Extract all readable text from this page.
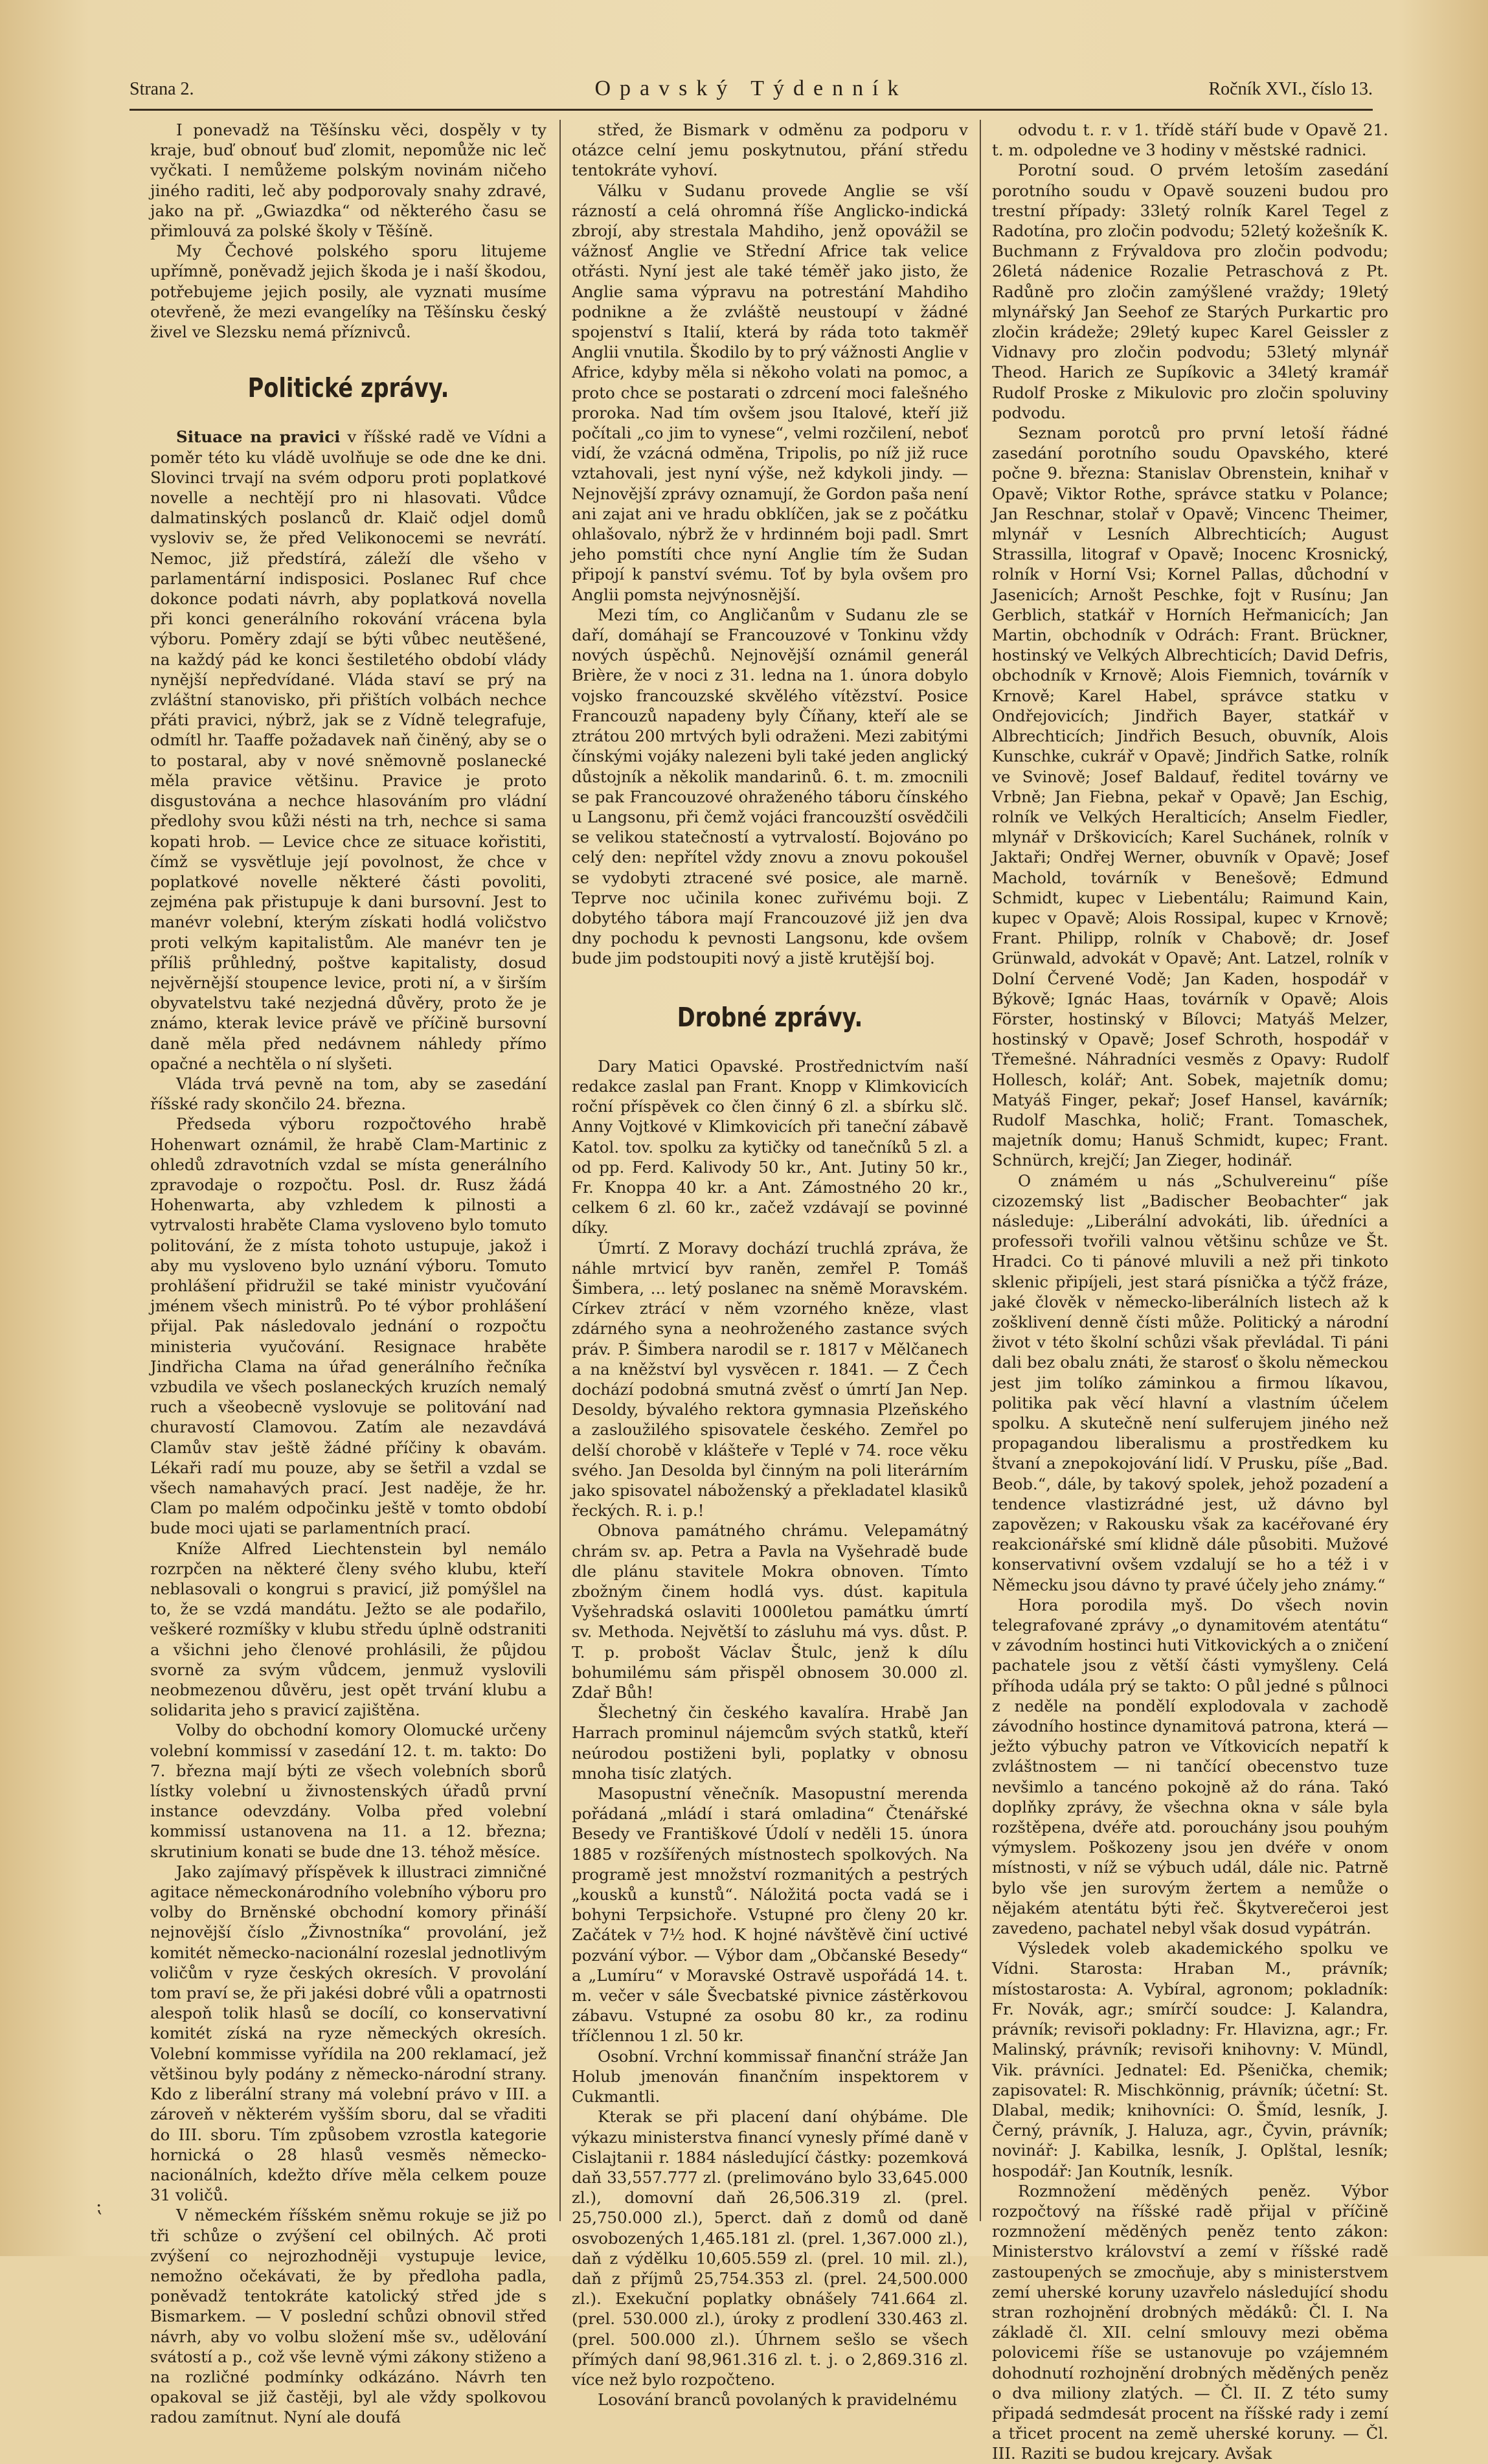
Strana 2.	Opavský Týdenník	Ročník XVI., číslo 13.

I ponevadž na Těšínsku věci, dospěly v ty kraje, buď obnouť buď zlomit, nepomůže nic leč vyčkati. I nemůžeme polským novinám ničeho jiného raditi, leč aby podporovaly snahy zdravé, jako na př. „Gwiazdka“ od některého času se přimlouvá za polské školy v Těšíně.

My Čechové polského sporu litujeme upřímně, poněvadž jejich škoda je i naší škodou, potřebujeme jejich posily, ale vyznati musíme otevřeně, že mezi evangelíky na Těšínsku český živel ve Slezsku nemá příznivců.

Politické zprávy.

Situace na pravici v říšské radě ve Vídni a poměr této ku vládě uvolňuje se ode dne ke dni. Slovinci trvají na svém odporu proti poplatkové novelle a nechtějí pro ni hlasovati. Vůdce dalmatinských poslanců dr. Klaič odjel domů vysloviv se, že před Velikonocemi se nevrátí. Nemoc, již předstírá, záleží dle všeho v parlamentární indisposici. Poslanec Ruf chce dokonce podati návrh, aby poplatková novella při konci generálního rokování vrácena byla výboru. Poměry zdají se býti vůbec neutěšené, na každý pád ke konci šestiletého období vlády nynější nepředvídané. Vláda staví se prý na zvláštní stanovisko, při přištích volbách nechce přáti pravici, nýbrž, jak se z Vídně telegrafuje, odmítl hr. Taaffe požadavek naň činěný, aby se o to postaral, aby v nové sněmovně poslanecké měla pravice většinu. Pravice je proto disgustována a nechce hlasováním pro vládní předlohy svou kůži nésti na trh, nechce si sama kopati hrob. — Levice chce ze situace kořistiti, čímž se vysvětluje její povolnost, že chce v poplatkové novelle některé části povoliti, zejména pak přistupuje k dani bursovní. Jest to manévr volební, kterým získati hodlá voličstvo proti velkým kapitalistům. Ale manévr ten je příliš průhledný, poštve kapitalisty, dosud nejvěrnější stoupence levice, proti ní, a v širším obyvatelstvu také nezjedná důvěry, proto že je známo, kterak levice právě ve příčině bursovní daně měla před nedávnem náhledy přímo opačné a nechtěla o ní slyšeti.

Vláda trvá pevně na tom, aby se zasedání říšské rady skončilo 24. března.

Předseda výboru rozpočtového hrabě Hohenwart oznámil, že hrabě Clam-Martinic z ohledů zdravotních vzdal se místa generálního zpravodaje o rozpočtu. Posl. dr. Rusz žádá Hohenwarta, aby vzhledem k pilnosti a vytrvalosti hraběte Clama vysloveno bylo tomuto politování, že z místa tohoto ustupuje, jakož i aby mu vysloveno bylo uznání výboru. Tomuto prohlášení přidružil se také ministr vyučování jménem všech ministrů. Po té výbor prohlášení přijal. Pak následovalo jednání o rozpočtu ministeria vyučování. Resignace hraběte Jindřicha Clama na úřad generálního řečníka vzbudila ve všech poslaneckých kruzích nemalý ruch a všeobecně vyslovuje se politování nad churavostí Clamovou. Zatím ale nezavdává Clamův stav ještě žádné příčiny k obavám. Lékaři radí mu pouze, aby se šetřil a vzdal se všech namahavých prací. Jest naděje, že hr. Clam po malém odpočinku ještě v tomto období bude moci ujati se parlamentních prací.

Kníže Alfred Liechtenstein byl nemálo rozrpčen na některé členy svého klubu, kteří neblasovali o kongrui s pravicí, již pomýšlel na to, že se vzdá mandátu. Ježto se ale podařilo, veškeré rozmíšky v klubu středu úplně odstraniti a všichni jeho členové prohlásili, že půjdou svorně za svým vůdcem, jenmuž vyslovili neobmezenou důvěru, jest opět trvání klubu a solidarita jeho s pravicí zajištěna.

Volby do obchodní komory Olomucké určeny volební kommissí v zasedání 12. t. m. takto: Do 7. března mají býti ze všech volebních sborů lístky volební u živnostenských úřadů první instance odevzdány. Volba před volební kommissí ustanovena na 11. a 12. března; skrutinium konati se bude dne 13. téhož měsíce.

Jako zajímavý příspěvek k illustraci zimničné agitace německonárodního volebního výboru pro volby do Brněnské obchodní komory přináší nejnovější číslo „Živnostníka“ provolání, jež komitét německo-nacionální rozeslal jednotlivým voličům v ryze českých okresích. V provolání tom praví se, že při jakési dobré vůli a opatrnosti alespoň tolik hlasů se docílí, co konservativní komitét získá na ryze německých okresích. Volební kommisse vyřídila na 200 reklamací, jež většinou byly podány z německo-národní strany. Kdo z liberální strany má volební právo v III. a zároveň v některém vyšším sboru, dal se vřaditi do III. sboru. Tím způsobem vzrostla kategorie hornická o 28 hlasů vesměs německo-nacionálních, kdežto dříve měla celkem pouze 31 voličů.

V německém říšském sněmu rokuje se již po tři schůze o zvýšení cel obilných. Ač proti zvýšení co nejrozhodněji vystupuje levice, nemožno očekávati, že by předloha padla, poněvadž tentokráte katolický střed jde s Bismarkem. — V poslední schůzi obnovil střed návrh, aby vo volbu složení mše sv., udělování svátostí a p., což vše levně vými zákony stiženo a na rozličné podmínky odkázáno. Návrh ten opakoval se již častěji, byl ale vždy spolkovou radou zamítnut. Nyní ale doufá

střed, že Bismark v odměnu za podporu v otázce celní jemu poskytnutou, přání středu tentokráte vyhoví.

Válku v Sudanu provede Anglie se vší rázností a celá ohromná říše Anglicko-indická zbrojí, aby strestala Mahdiho, jenž opovážil se vážnosť Anglie ve Střední Africe tak velice otřásti. Nyní jest ale také téměř jako jisto, že Anglie sama výpravu na potrestání Mahdiho podnikne a že zvláště neustoupí v žádné spojenství s Italií, která by ráda toto takměř Anglii vnutila. Škodilo by to prý vážnosti Anglie v Africe, kdyby měla si někoho volati na pomoc, a proto chce se postarati o zdrcení moci falešného proroka. Nad tím ovšem jsou Italové, kteří již počítali „co jim to vynese“, velmi rozčilení, neboť vidí, že vzácná odměna, Tripolis, po níž již ruce vztahovali, jest nyní výše, než kdykoli jindy. — Nejnovější zprávy oznamují, že Gordon paša není ani zajat ani ve hradu obklíčen, jak se z počátku ohlašovalo, nýbrž že v hrdinném boji padl. Smrt jeho pomstíti chce nyní Anglie tím že Sudan připojí k panství svému. Toť by byla ovšem pro Anglii pomsta nejvýnosnější.

Mezi tím, co Angličanům v Sudanu zle se daří, domáhají se Francouzové v Tonkinu vždy nových úspěchů. Nejnovější oznámil generál Brière, že v noci z 31. ledna na 1. února dobylo vojsko francouzské skvělého vítězství. Posice Francouzů napadeny byly Číňany, kteří ale se ztrátou 200 mrtvých byli odraženi. Mezi zabitými čínskými vojáky nalezeni byli také jeden anglický důstojník a několik mandarinů. 6. t. m. zmocnili se pak Francouzové ohraženého táboru čínského u Langsonu, při čemž vojáci francouzští osvědčili se velikou statečností a vytrvalostí. Bojováno po celý den: nepřítel vždy znovu a znovu pokoušel se vydobyti ztracené své posice, ale marně. Teprve noc učinila konec zuřivému boji. Z dobytého tábora mají Francouzové již jen dva dny pochodu k pevnosti Langsonu, kde ovšem bude jim podstoupiti nový a jistě krutější boj.

Drobné zprávy.

Dary Matici Opavské. Prostřednictvím naší redakce zaslal pan Frant. Knopp v Klimkovicích roční příspěvek co člen činný 6 zl. a sbírku slč. Anny Vojtkové v Klimkovicích při taneční zábavě Katol. tov. spolku za kytičky od tanečníků 5 zl. a od pp. Ferd. Kalivody 50 kr., Ant. Jutiny 50 kr., Fr. Knoppa 40 kr. a Ant. Zámostného 20 kr., celkem 6 zl. 60 kr., začež vzdávají se povinné díky.

Úmrtí. Z Moravy dochází truchlá zpráva, že náhle mrtvicí byv raněn, zemřel P. Tomáš Šimbera, ... letý poslanec na sněmě Moravském. Církev ztrácí v něm vzorného kněze, vlast zdárného syna a neohroženého zastance svých práv. P. Šimbera narodil se r. 1817 v Mělčanech a na kněžství byl vysvěcen r. 1841. — Z Čech dochází podobná smutná zvěsť o úmrtí Jan Nep. Desoldy, bývalého rektora gymnasia Plzeňského a zasloužilého spisovatele českého. Zemřel po delší chorobě v klášteře v Teplé v 74. roce věku svého. Jan Desolda byl činným na poli literárním jako spisovatel náboženský a překladatel klasiků řeckých. R. i. p.!

Obnova památného chrámu. Velepamátný chrám sv. ap. Petra a Pavla na Vyšehradě bude dle plánu stavitele Mokra obnoven. Tímto zbožným činem hodlá vys. dúst. kapitula Vyšehradská oslaviti 1000letou památku úmrtí sv. Methoda. Největší to zásluhu má vys. důst. P. T. p. probošt Václav Štulc, jenž k dílu bohumilému sám přispěl obnosem 30.000 zl. Zdař Bůh!

Šlechetný čin českého kavalíra. Hrabě Jan Harrach prominul nájemcům svých statků, kteří neúrodou postiženi byli, poplatky v obnosu mnoha tisíc zlatých.

Masopustní věnečník. Masopustní merenda pořádaná „mládí i stará omladina“ Čtenářské Besedy ve Františkové Údolí v neděli 15. února 1885 v rozšířených místnostech spolkových. Na programě jest množství rozmanitých a pestrých „kousků a kunstů“. Náložitá pocta vadá se i bohyni Terpsichoře. Vstupné pro členy 20 kr. Začátek v 7½ hod. K hojné návštěvě činí uctivé pozvání výbor. — Výbor dam „Občanské Besedy“ a „Lumíru“ v Moravské Ostravě uspořádá 14. t. m. večer v sále Švecbatské pivnice zástěrkovou zábavu. Vstupné za osobu 80 kr., za rodinu tříčlennou 1 zl. 50 kr.

Osobní. Vrchní kommissař finanční stráže Jan Holub jmenován finančním inspektorem v Cukmantli.

Kterak se při placení daní ohýbáme. Dle výkazu ministerstva financí vynesly přímé daně v Cislajtanii r. 1884 následující částky: pozemková daň 33,557.777 zl. (prelimováno bylo 33,645.000 zl.), domovní daň 26,506.319 zl. (prel. 25,750.000 zl.), 5perct. daň z domů od daně osvobozených 1,465.181 zl. (prel. 1,367.000 zl.), daň z výdělku 10,605.559 zl. (prel. 10 mil. zl.), daň z příjmů 25,754.353 zl. (prel. 24,500.000 zl.). Exekuční poplatky obnášely 741.664 zl. (prel. 530.000 zl.), úroky z prodlení 330.463 zl. (prel. 500.000 zl.). Úhrnem sešlo se všech přímých daní 98,961.316 zl. t. j. o 2,869.316 zl. více než bylo rozpočteno.

Losování branců povolaných k pravidelnému

odvodu t. r. v 1. třídě stáří bude v Opavě 21. t. m. odpoledne ve 3 hodiny v městské radnici.

Porotní soud. O prvém letoším zasedání porotního soudu v Opavě souzeni budou pro trestní případy: 33letý rolník Karel Tegel z Radotína, pro zločin podvodu; 52letý kožešník K. Buchmann z Frývaldova pro zločin podvodu; 26letá nádenice Rozalie Petraschová z Pt. Radůně pro zločin zamýšlené vraždy; 19letý mlynářský Jan Seehof ze Starých Purkartic pro zločin krádeže; 29letý kupec Karel Geissler z Vidnavy pro zločin podvodu; 53letý mlynář Theod. Harich ze Supíkovic a 34letý kramář Rudolf Proske z Mikulovic pro zločin spoluviny podvodu.

Seznam porotců pro první letoší řádné zasedání porotního soudu Opavského, které počne 9. března: Stanislav Obrenstein, knihař v Opavě; Viktor Rothe, správce statku v Polance; Jan Reschnar, stolař v Opavě; Vincenc Theimer, mlynář v Lesních Albrechticích; August Strassilla, litograf v Opavě; Inocenc Krosnický, rolník v Horní Vsi; Kornel Pallas, důchodní v Jasenicích; Arnošt Peschke, fojt v Rusínu; Jan Gerblich, statkář v Horních Heřmanicích; Jan Martin, obchodník v Odrách: Frant. Brückner, hostinský ve Velkých Albrechticích; David Defris, obchodník v Krnově; Alois Fiemnich, továrník v Krnově; Karel Habel, správce statku v Ondřejovicích; Jindřich Bayer, statkář v Albrechticích; Jindřich Besuch, obuvník, Alois Kunschke, cukrář v Opavě; Jindřich Satke, rolník ve Svinově; Josef Baldauf, ředitel továrny ve Vrbně; Jan Fiebna, pekař v Opavě; Jan Eschig, rolník ve Velkých Heralticích; Anselm Fiedler, mlynář v Drškovicích; Karel Suchánek, rolník v Jaktaři; Ondřej Werner, obuvník v Opavě; Josef Machold, továrník v Benešově; Edmund Schmidt, kupec v Liebentálu; Raimund Kain, kupec v Opavě; Alois Rossipal, kupec v Krnově; Frant. Philipp, rolník v Chabově; dr. Josef Grünwald, advokát v Opavě; Ant. Latzel, rolník v Dolní Červené Vodě; Jan Kaden, hospodář v Býkově; Ignác Haas, továrník v Opavě; Alois Förster, hostinský v Bílovci; Matyáš Melzer, hostinský v Opavě; Josef Schroth, hospodář v Třemešné. Náhradníci vesměs z Opavy: Rudolf Hollesch, kolář; Ant. Sobek, majetník domu; Matyáš Finger, pekař; Josef Hansel, kavárník; Rudolf Maschka, holič; Frant. Tomaschek, majetník domu; Hanuš Schmidt, kupec; Frant. Schnürch, krejčí; Jan Zieger, hodinář.

O známém u nás „Schulvereinu“ píše cizozemský list „Badischer Beobachter“ jak následuje: „Liberální advokáti, lib. úředníci a professoři tvořili valnou většinu schůze ve Št. Hradci. Co ti pánové mluvili a než při tinkoto sklenic připíjeli, jest stará písnička a týčž fráze, jaké člověk v německo-liberálních listech až k zošklivení denně čísti může. Politický a národní život v této školní schůzi však převládal. Ti páni dali bez obalu znáti, že starosť o školu německou jest jim tolíko záminkou a firmou líkavou, politika pak věcí hlavní a vlastním účelem spolku. A skutečně není sulferujem jiného než propagandou liberalismu a prostředkem ku štvaní a znepokojování lidí. V Prusku, píše „Bad. Beob.“, dále, by takový spolek, jehož pozadení a tendence vlastizrádné jest, už dávno byl zapovězen; v Rakousku však za kacéřované éry reakcionářské smí klidně dále působiti. Mužové konservativní ovšem vzdalují se ho a též i v Německu jsou dávno ty pravé účely jeho známy.“

Hora porodila myš. Do všech novin telegrafované zprávy „o dynamitovém atentátu“ v závodním hostinci huti Vitkovických a o zničení pachatele jsou z větší části vymyšleny. Celá příhoda udála prý se takto: O půl jedné s půlnoci z neděle na pondělí explodovala v zachodě závodního hostince dynamitová patrona, která — ježto výbuchy patron ve Vítkovicích nepatří k zvláštnostem — ni tančící obecenstvo tuze nevšimlo a tancéno pokojně až do rána. Takó doplňky zprávy, že všechna okna v sále byla rozštěpena, dvéře atd. porouchány jsou pouhým výmyslem. Poškozeny jsou jen dvéře v onom místnosti, v níž se výbuch udál, dále nic. Patrně bylo vše jen surovým žertem a nemůže o nějakém atentátu býti řeč. Škytverečeroi jest zavedeno, pachatel nebyl však dosud vypátrán.

Výsledek voleb akademického spolku ve Vídni. Starosta: Hraban M., právník; místostarosta: A. Vybíral, agronom; pokladník: Fr. Novák, agr.; smírčí soudce: J. Kalandra, právník; revisoři pokladny: Fr. Hlavizna, agr.; Fr. Malinský, právník; revisoři knihovny: V. Mündl, Vik. právníci. Jednatel: Ed. Pšenička, chemik; zapisovatel: R. Mischkönnig, právník; účetní: St. Dlabal, medik; knihovníci: O. Šmíd, lesník, J. Černý, právník, J. Haluza, agr., Čyvin, právník; novinář: J. Kabilka, lesník, J. Oplštal, lesník; hospodář: Jan Koutník, lesník.

Rozmnožení měděných peněz. Výbor rozpočtový na říšské radě přijal v příčině rozmnožení měděných peněz tento zákon: Ministerstvo království a zemí v říšské radě zastoupených se zmocňuje, aby s ministerstvem zemí uherské koruny uzavřelo následující shodu stran rozhojnění drobných mědáků: Čl. I. Na základě čl. XII. celní smlouvy mezi oběma polovicemi říše se ustanovuje po vzájemném dohodnutí rozhojnění drobných měděných peněz o dva miliony zlatých. — Čl. II. Z této sumy připadá sedmdesát procent na říšské rady i zemí a třicet procent na země uherské koruny. — Čl. III. Raziti se budou krejcary. Avšak

⁏
